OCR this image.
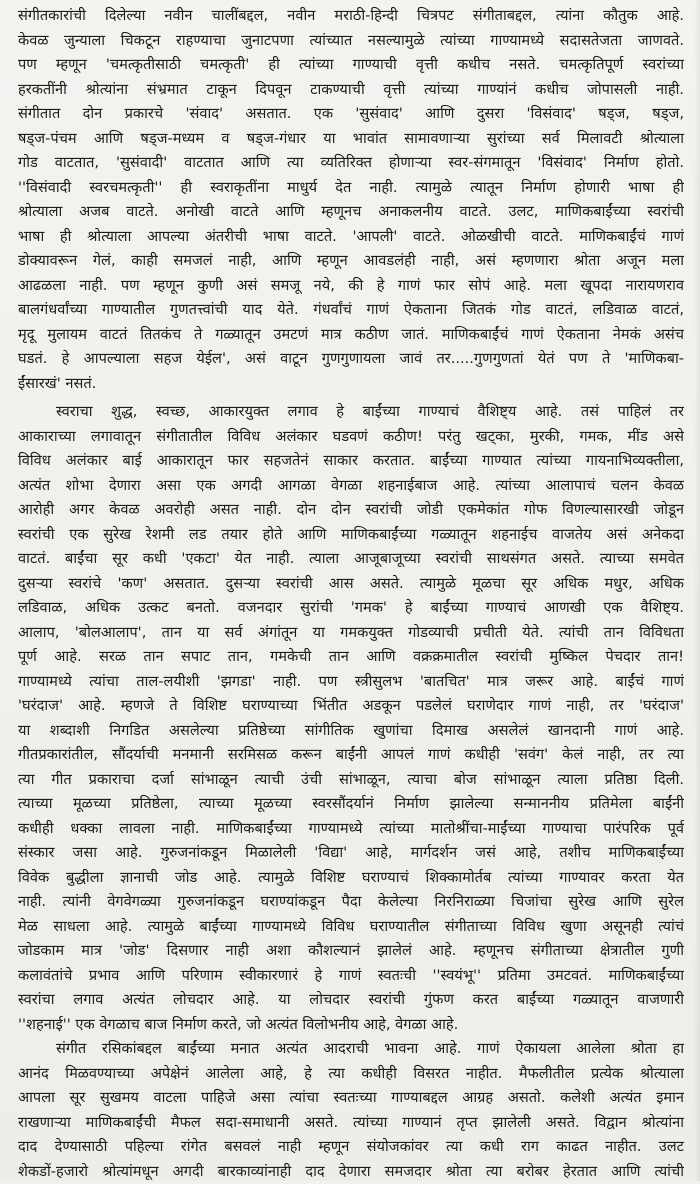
संगीतकारांची दिलेल्या नवीन चालींबद्दल, नवीन मराठी-हिन्दी चित्रपट संगीताबद्दल, त्यांना कौतुक आहे.
केवळ जुन्याला चिकटून राहण्याचा जुनाटपणा त्यांच्यात नसल्यामुळे त्यांच्या गाण्यामध्ये सदासतेजता जाणवते.
पण म्हणून 'चमत्कृतीसाठी चमत्कृती' ही त्यांच्या गाण्याची वृत्ती कधीच नसते. चमत्कृतिपूर्ण स्वरांच्या
हरकतींनी श्रोत्यांना संभ्रमात टाकून दिपवून टाकण्याची वृत्ती त्यांच्या गाण्यांनं कधीच जोपासली नाही.
संगीतात दोन प्रकारचे 'संवाद' असतात. एक 'सुसंवाद' आणि दुसरा 'विसंवाद' षड्ज, षड्ज,
षड्ज-पंचम आणि षड्ज-मध्यम व षड्ज-गंधार या भावांत सामावणाऱ्या सुरांच्या सर्व मिलावटी श्रोत्याला
गोड वाटतात, 'सुसंवादी' वाटतात आणि त्या व्यतिरिक्त होणाऱ्या स्वर-संगमातून 'विसंवाद' निर्माण होतो.
''विसंवादी स्वरचमत्कृती'' ही स्वराकृतींना माधुर्य देत नाही. त्यामुळे त्यातून निर्माण होणारी भाषा ही
श्रोत्याला अजब वाटते. अनोखी वाटते आणि म्हणूनच अनाकलनीय वाटते. उलट, माणिकबाईंच्या स्वरांची
भाषा ही श्रोत्याला आपल्या अंतरीची भाषा वाटते. 'आपली' वाटते. ओळखीची वाटते. माणिकबाईंचं गाणं
डोक्यावरून गेलं, काही समजलं नाही, आणि म्हणून आवडलंही नाही, असं म्हणणारा श्रोता अजून मला
आढळला नाही. पण म्हणून कुणी असं समजू नये, की हे गाणं फार सोपं आहे. मला खूपदा नारायणराव
बालगंधर्वांच्या गाण्यातील गुणतत्त्वांची याद येते. गंधर्वांचं गाणं ऐकताना जितकं गोड वाटतं, लडिवाळ वाटतं,
मृदू मुलायम वाटतं तितकंच ते गळ्यातून उमटणं मात्र कठीण जातं. माणिकबाईंचं गाणं ऐकताना नेमकं असंच
घडतं. हे आपल्याला सहज येईल', असं वाटून गुणगुणायला जावं तर.....गुणगुणतां येतं पण ते 'माणिकबा-
ईंसारखं' नसतं.
स्वराचा शुद्ध, स्वच्छ, आकारयुक्त लगाव हे बाईंच्या गाण्याचं वैशिष्ट्य आहे. तसं पाहिलं तर
आकाराच्या लगावातून संगीतातील विविध अलंकार घडवणं कठीण! परंतु खट्का, मुरकी, गमक, मींड असे
विविध अलंकार बाई आकारातून फार सहजतेनं साकार करतात. बाईंच्या गाण्यात त्यांच्या गायनाभिव्यक्तीला,
अत्यंत शोभा देणारा असा एक अगदी आगळा वेगळा शहनाईबाज आहे. त्यांच्या आलापाचं चलन केवळ
आरोही अगर केवळ अवरोही असत नाही. दोन दोन स्वरांची जोडी एकमेकांत गोफ विणल्यासारखी जोडून
स्वरांची एक सुरेख रेशमी लड तयार होते आणि माणिकबाईंच्या गळ्यातून शहनाईच वाजतेय असं अनेकदा
वाटतं. बाईंचा सूर कधी 'एकटा' येत नाही. त्याला आजूबाजूच्या स्वरांची साथसंगत असते. त्याच्या समवेत
दुसऱ्या स्वरांचे 'कण' असतात. दुसऱ्या स्वरांची आस असते. त्यामुळे मूळचा सूर अधिक मधुर, अधिक
लडिवाळ, अधिक उत्कट बनतो. वजनदार सुरांची 'गमक' हे बाईंच्या गाण्याचं आणखी एक वैशिष्ट्य.
आलाप, 'बोलआलाप', तान या सर्व अंगांतून या गमकयुक्त गोडव्याची प्रचीती येते. त्यांची तान विविधता
पूर्ण आहे. सरळ तान सपाट तान, गमकेची तान आणि वक्रक्रमातील स्वरांची मुष्किल पेचदार तान!
गाण्यामध्ये त्यांचा ताल-लयीशी 'झगडा' नाही. पण स्त्रीसुलभ 'बातचित' मात्र जरूर आहे. बाईंचं गाणं
'घरंदाज' आहे. म्हणजे ते विशिष्ट घराण्याच्या भिंतीत अडकून पडलेलं घराणेदार गाणं नाही, तर 'घरंदाज'
या शब्दाशी निगडित असलेल्या प्रतिष्ठेच्या सांगीतिक खुणांचा दिमाख असलेलं खानदानी गाणं आहे.
गीतप्रकारांतील, सौंदर्याची मनमानी सरमिसळ करून बाईंनी आपलं गाणं कधीही 'सवंग' केलं नाही, तर त्या
त्या गीत प्रकाराचा दर्जा सांभाळून त्याची उंची सांभाळून, त्याचा बोज सांभाळून त्याला प्रतिष्ठा दिली.
त्याच्या मूळच्या प्रतिष्ठेला, त्याच्या मूळच्या स्वरसौंदर्यानं निर्माण झालेल्या सन्माननीय प्रतिमेला बाईंनी
कधीही धक्का लावला नाही. माणिकबाईंच्या गाण्यामध्ये त्यांच्या मातोश्रींचा-माईंच्या गाण्याचा पारंपरिक पूर्व
संस्कार जसा आहे. गुरुजनांकडून मिळालेली 'विद्या' आहे, मार्गदर्शन जसं आहे, तशीच माणिकबाईंच्या
विवेक बुद्धीला ज्ञानाची जोड आहे. त्यामुळे विशिष्ट घराण्याचं शिक्कामोर्तब त्यांच्या गाण्यावर करता येत
नाही. त्यांनी वेगवेगळ्या गुरुजनांकडून घराण्यांकडून पैदा केलेल्या निरनिराळ्या चिजांचा सुरेख आणि सुरेल
मेळ साधला आहे. त्यामुळे बाईंच्या गाण्यामध्ये विविध घराण्यातील संगीताच्या विविध खुणा असूनही त्यांचं
जोडकाम मात्र 'जोड' दिसणार नाही अशा कौशल्यानं झालेलं आहे. म्हणूनच संगीताच्या क्षेत्रातील गुणी
कलावंतांचे प्रभाव आणि परिणाम स्वीकारणारं हे गाणं स्वतःची ''स्वयंभू'' प्रतिमा उमटवतं. माणिकबाईंच्या
स्वरांचा लगाव अत्यंत लोचदार आहे. या लोचदार स्वरांची गुंफण करत बाईंच्या गळ्यातून वाजणारी
''शहनाई'' एक वेगळाच बाज निर्माण करते, जो अत्यंत विलोभनीय आहे, वेगळा आहे.
संगीत रसिकांबद्दल बाईंच्या मनात अत्यंत आदराची भावना आहे. गाणं ऐकायला आलेला श्रोता हा
आनंद मिळवण्याच्या अपेक्षेनं आलेला आहे, हे त्या कधीही विसरत नाहीत. मैफलीतील प्रत्येक श्रोत्याला
आपला सूर सुखमय वाटला पाहिजे असा त्यांचा स्वतःच्या गाण्याबद्दल आग्रह असतो. कलेशी अत्यंत इमान
राखणाऱ्या माणिकबाईंची मैफल सदा-समाधानी असते. त्यांच्या गाण्यानं तृप्त झालेली असते. विद्वान श्रोत्यांना
दाद देण्यासाठी पहिल्या रांगेत बसवलं नाही म्हणून संयोजकांवर त्या कधी राग काढत नाहीत. उलट
शेकडों-हजारो श्रोत्यांमधून अगदी बारकाव्यांनाही दाद देणारा समजदार श्रोता त्या बरोबर हेरतात आणि त्यांची
